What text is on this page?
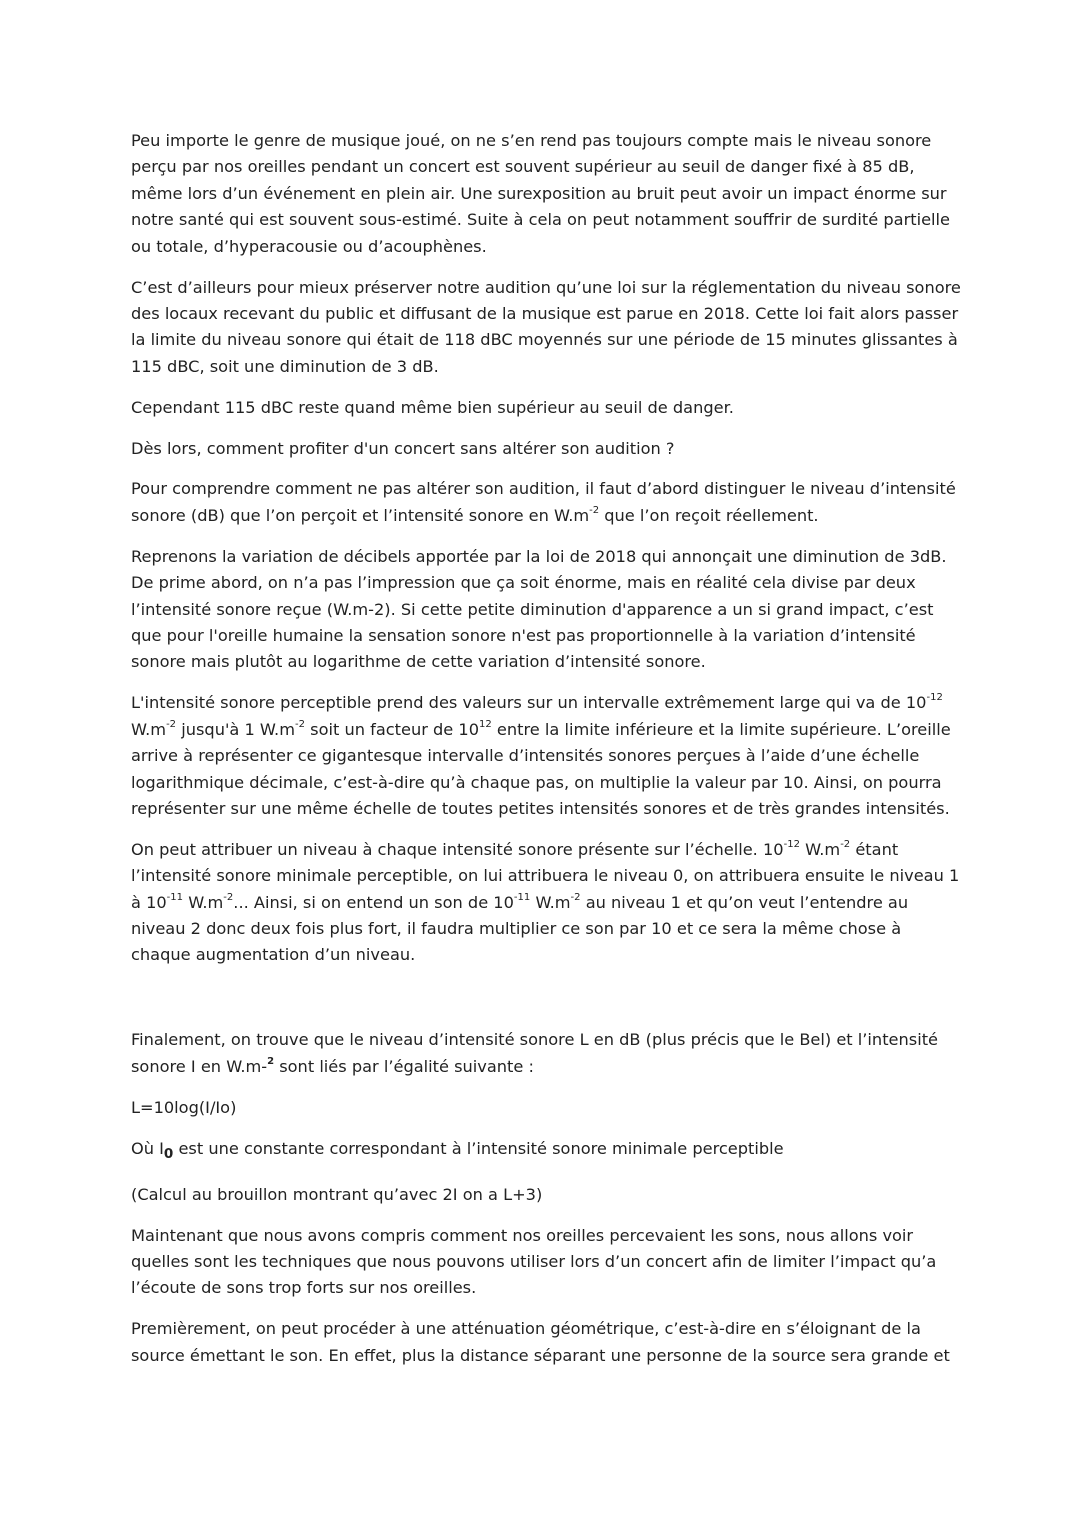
Peu importe le genre de musique joué, on ne s’en rend pas toujours compte mais le niveau sonore perçu par nos oreilles pendant un concert est souvent supérieur au seuil de danger fixé à 85 dB, même lors d’un événement en plein air. Une surexposition au bruit peut avoir un impact énorme sur notre santé qui est souvent sous-estimé. Suite à cela on peut notamment souffrir de surdité partielle ou totale, d’hyperacousie ou d’acouphènes.

C’est d’ailleurs pour mieux préserver notre audition qu’une loi sur la réglementation du niveau sonore des locaux recevant du public et diffusant de la musique est parue en 2018. Cette loi fait alors passer la limite du niveau sonore qui était de 118 dBC moyennés sur une période de 15 minutes glissantes à 115 dBC, soit une diminution de 3 dB.

Cependant 115 dBC reste quand même bien supérieur au seuil de danger.

Dès lors, comment profiter d'un concert sans altérer son audition ?

Pour comprendre comment ne pas altérer son audition, il faut d’abord distinguer le niveau d’intensité sonore (dB) que l’on perçoit et l’intensité sonore en $W.m^{-2}$ que l’on reçoit réellement.

Reprenons la variation de décibels apportée par la loi de 2018 qui annonçait une diminution de 3dB. De prime abord, on n’a pas l’impression que ça soit énorme, mais en réalité cela divise par deux l’intensité sonore reçue (W.m-2). Si cette petite diminution d'apparence a un si grand impact, c’est que pour l'oreille humaine la sensation sonore n'est pas proportionnelle à la variation d’intensité sonore mais plutôt au logarithme de cette variation d’intensité sonore.

L'intensité sonore perceptible prend des valeurs sur un intervalle extrêmement large qui va de $10^{-12}$ $W.m^{-2}$ jusqu'à 1 $W.m^{-2}$ soit un facteur de $10^{12}$ entre la limite inférieure et la limite supérieure. L’oreille arrive à représenter ce gigantesque intervalle d’intensités sonores perçues à l’aide d’une échelle logarithmique décimale, c’est-à-dire qu’à chaque pas, on multiplie la valeur par 10. Ainsi, on pourra représenter sur une même échelle de toutes petites intensités sonores et de très grandes intensités.

On peut attribuer un niveau à chaque intensité sonore présente sur l’échelle. $10^{-12}$ $W.m^{-2}$ étant l’intensité sonore minimale perceptible, on lui attribuera le niveau 0, on attribuera ensuite le niveau 1 à $10^{-11}$ $W.m^{-2}$... Ainsi, si on entend un son de $10^{-11}$ $W.m^{-2}$ au niveau 1 et qu’on veut l’entendre au niveau 2 donc deux fois plus fort, il faudra multiplier ce son par 10 et ce sera la même chose à chaque augmentation d’un niveau.

Finalement, on trouve que le niveau d’intensité sonore L en dB (plus précis que le Bel) et l’intensité sonore I en W.m-$^2$ sont liés par l’égalité suivante :

L=10log(I/Io)

Où $I_0$ est une constante correspondant à l’intensité sonore minimale perceptible

(Calcul au brouillon montrant qu’avec 2I on a L+3)

Maintenant que nous avons compris comment nos oreilles percevaient les sons, nous allons voir quelles sont les techniques que nous pouvons utiliser lors d’un concert afin de limiter l’impact qu’a l’écoute de sons trop forts sur nos oreilles.

Premièrement, on peut procéder à une atténuation géométrique, c’est-à-dire en s’éloignant de la source émettant le son. En effet, plus la distance séparant une personne de la source sera grande et
